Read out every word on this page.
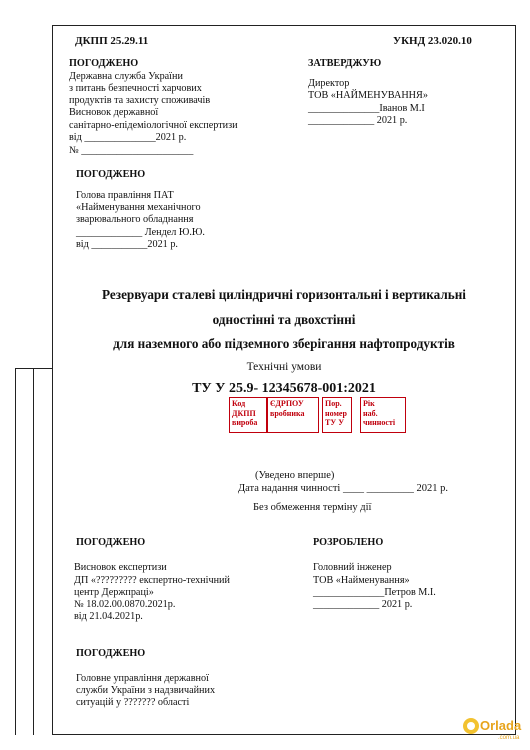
ДКПП 25.29.11	УКНД 23.020.10
ПОГОДЖЕНО
Державна служба України
з питань безпечності харчових
продуктів та захисту споживачів
Висновок державної
санітарно-епідеміологічної експертизи
від ______________2021 р.
№ ______________________
ЗАТВЕРДЖУЮ
Директор
ТОВ «НАЙМЕНУВАННЯ»
______________Іванов М.І
_____________ 2021 р.
ПОГОДЖЕНО
Голова правління ПАТ
«Найменування механічного
зварювального обладнання
_____________ Лендел Ю.Ю.
від ___________2021 р.
Резервуари сталеві циліндричні горизонтальні і вертикальні
одностінні та двохстінні
для наземного або підземного зберігання нафтопродуктів
Технічні умови
ТУ У 25.9- 12345678-001:2021
Код
ДКПП
вироба
ЄДРПОУ
вробника
Пор.
номер
ТУ У
Рік
наб.
чинності
(Уведено вперше)
Дата надання чинності ____ _________ 2021 р.
Без обмеження терміну дії
ПОГОДЖЕНО
Висновок експертизи
ДП «????????? експертно-технічний
центр Держпраці»
№ 18.02.00.0870.2021р.
від 21.04.2021р.
РОЗРОБЛЕНО
Головний інженер
ТОВ «Найменування»
______________Петров М.І.
_____________ 2021 р.
ПОГОДЖЕНО
Головне управління державної
служби України з надзвичайних
ситуацій у ??????? області
Orlada
.com.ua
